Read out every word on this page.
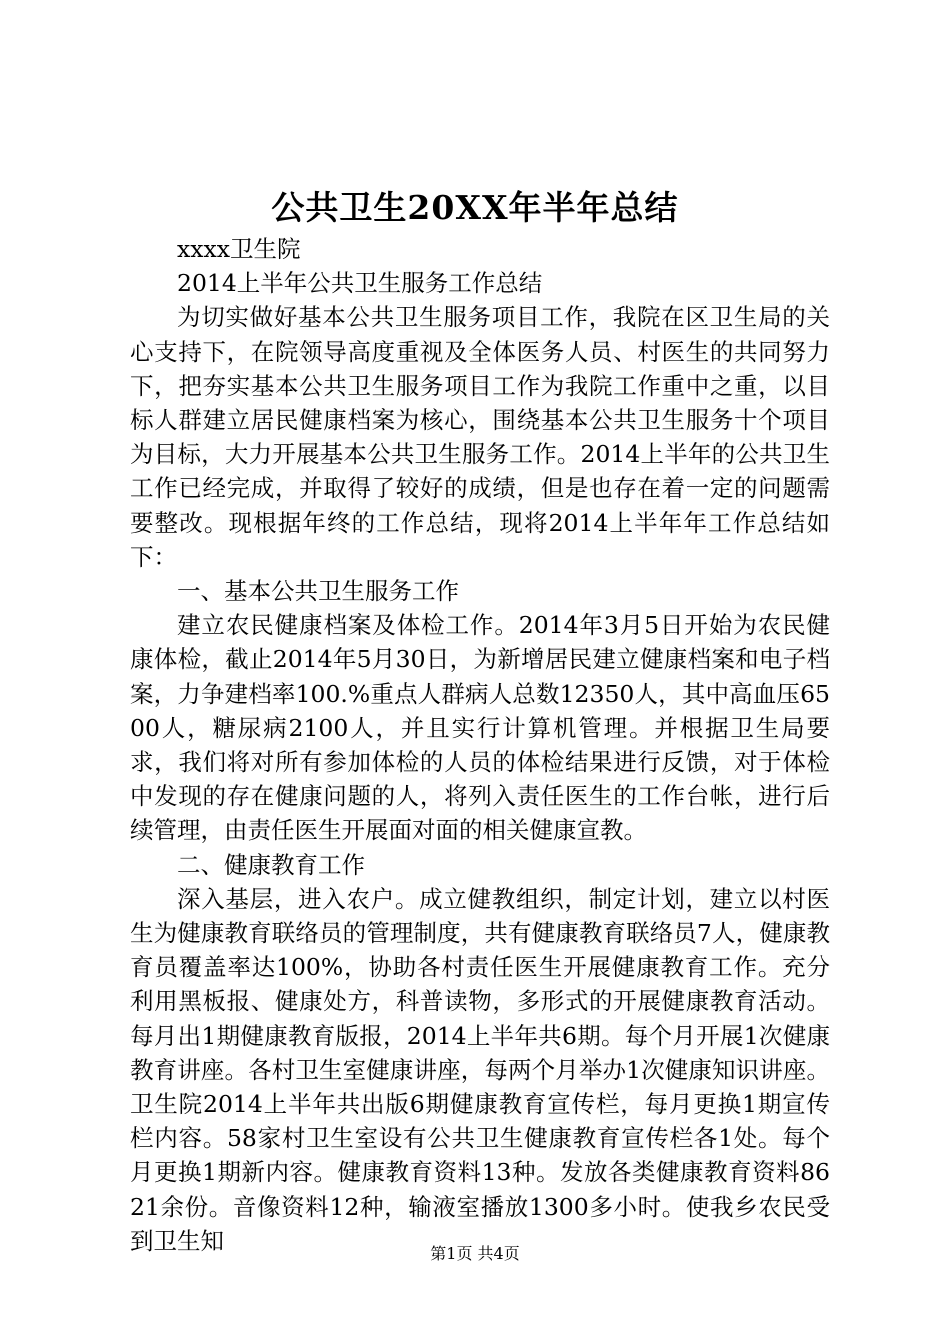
公共卫生20XX年半年总结

xxxx卫生院

2014上半年公共卫生服务工作总结

为切实做好基本公共卫生服务项目工作，我院在区卫生局的关心支持下，在院领导高度重视及全体医务人员、村医生的共同努力下，把夯实基本公共卫生服务项目工作为我院工作重中之重，以目标人群建立居民健康档案为核心，围绕基本公共卫生服务十个项目为目标，大力开展基本公共卫生服务工作。2014上半年的公共卫生工作已经完成，并取得了较好的成绩，但是也存在着一定的问题需要整改。现根据年终的工作总结，现将2014上半年年工作总结如下：

一、基本公共卫生服务工作

建立农民健康档案及体检工作。2014年3月5日开始为农民健康体检，截止2014年5月30日，为新增居民建立健康档案和电子档案，力争建档率100.%重点人群病人总数12350人，其中高血压6500人，糖尿病2100人，并且实行计算机管理。并根据卫生局要求，我们将对所有参加体检的人员的体检结果进行反馈，对于体检中发现的存在健康问题的人，将列入责任医生的工作台帐，进行后续管理，由责任医生开展面对面的相关健康宣教。

二、健康教育工作

深入基层，进入农户。成立健教组织，制定计划，建立以村医生为健康教育联络员的管理制度，共有健康教育联络员7人，健康教育员覆盖率达100%，协助各村责任医生开展健康教育工作。充分利用黑板报、健康处方，科普读物，多形式的开展健康教育活动。每月出1期健康教育版报，2014上半年共6期。每个月开展1次健康教育讲座。各村卫生室健康讲座，每两个月举办1次健康知识讲座。卫生院2014上半年共出版6期健康教育宣传栏，每月更换1期宣传栏内容。58家村卫生室设有公共卫生健康教育宣传栏各1处。每个月更换1期新内容。健康教育资料13种。发放各类健康教育资料8621余份。音像资料12种，输液室播放1300多小时。使我乡农民受到卫生知	第1页 共4页
